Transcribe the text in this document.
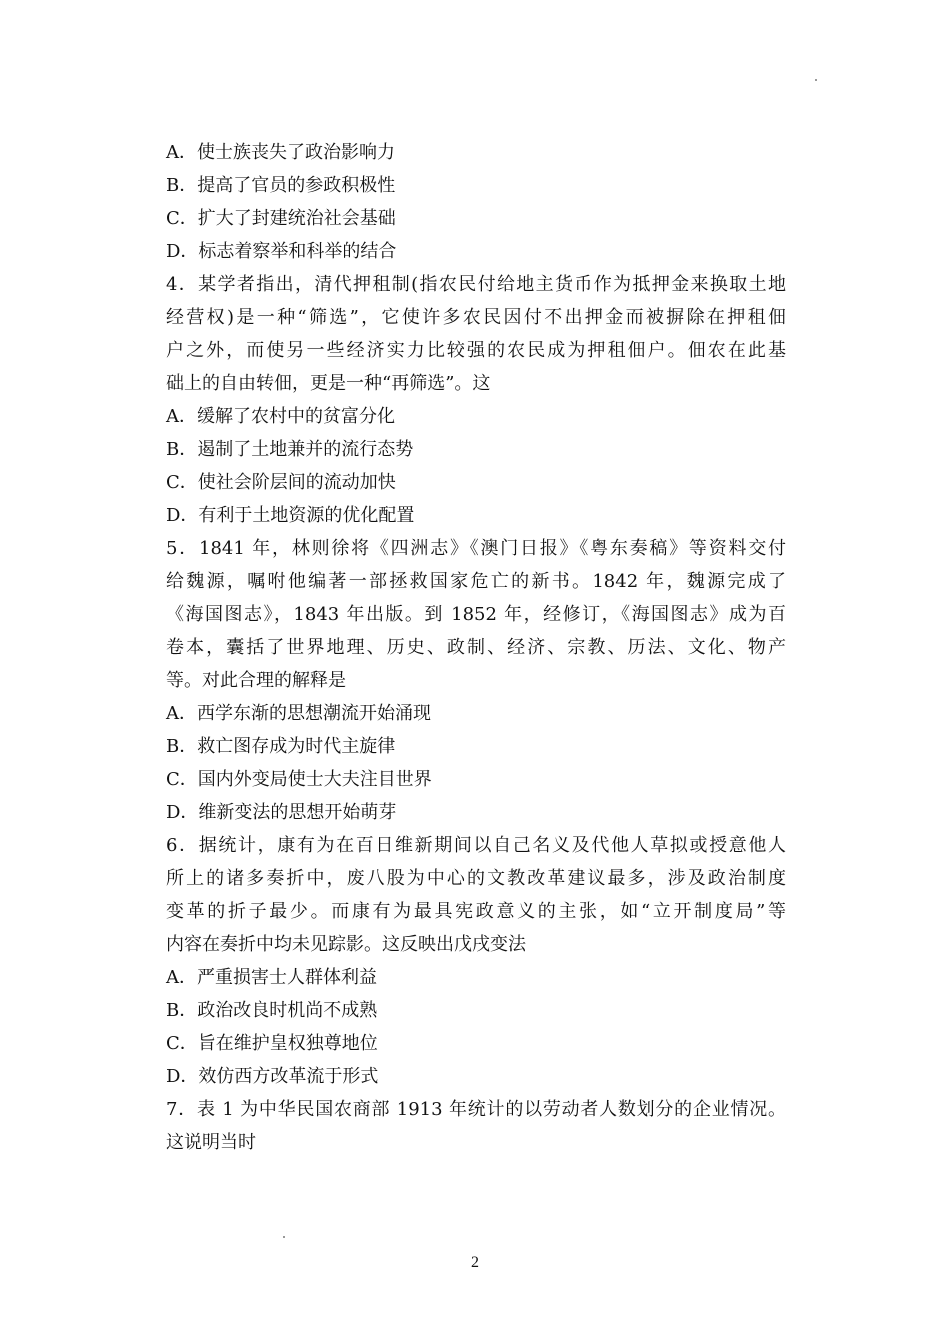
A．使士族丧失了政治影响力
B．提高了官员的参政积极性
C．扩大了封建统治社会基础
D．标志着察举和科举的结合
4．某学者指出，清代押租制(指农民付给地主货币作为抵押金来换取土地
经营权)是一种“筛选”，它使许多农民因付不出押金而被摒除在押租佃
户之外，而使另一些经济实力比较强的农民成为押租佃户。佃农在此基
础上的自由转佃，更是一种“再筛选”。这
A．缓解了农村中的贫富分化
B．遏制了土地兼并的流行态势
C．使社会阶层间的流动加快
D．有利于土地资源的优化配置
5．1841 年，林则徐将《四洲志》《澳门日报》《粤东奏稿》等资料交付
给魏源，嘱咐他编著一部拯救国家危亡的新书。1842 年，魏源完成了
《海国图志》，1843 年出版。到 1852 年，经修订，《海国图志》成为百
卷本，囊括了世界地理、历史、政制、经济、宗教、历法、文化、物产
等。对此合理的解释是
A．西学东渐的思想潮流开始涌现
B．救亡图存成为时代主旋律
C．国内外变局使士大夫注目世界
D．维新变法的思想开始萌芽
6．据统计，康有为在百日维新期间以自己名义及代他人草拟或授意他人
所上的诸多奏折中，废八股为中心的文教改革建议最多，涉及政治制度
变革的折子最少。而康有为最具宪政意义的主张，如“立开制度局”等
内容在奏折中均未见踪影。这反映出戊戌变法
A．严重损害士人群体利益
B．政治改良时机尚不成熟
C．旨在维护皇权独尊地位
D．效仿西方改革流于形式
7．表 1 为中华民国农商部 1913 年统计的以劳动者人数划分的企业情况。
这说明当时
2
